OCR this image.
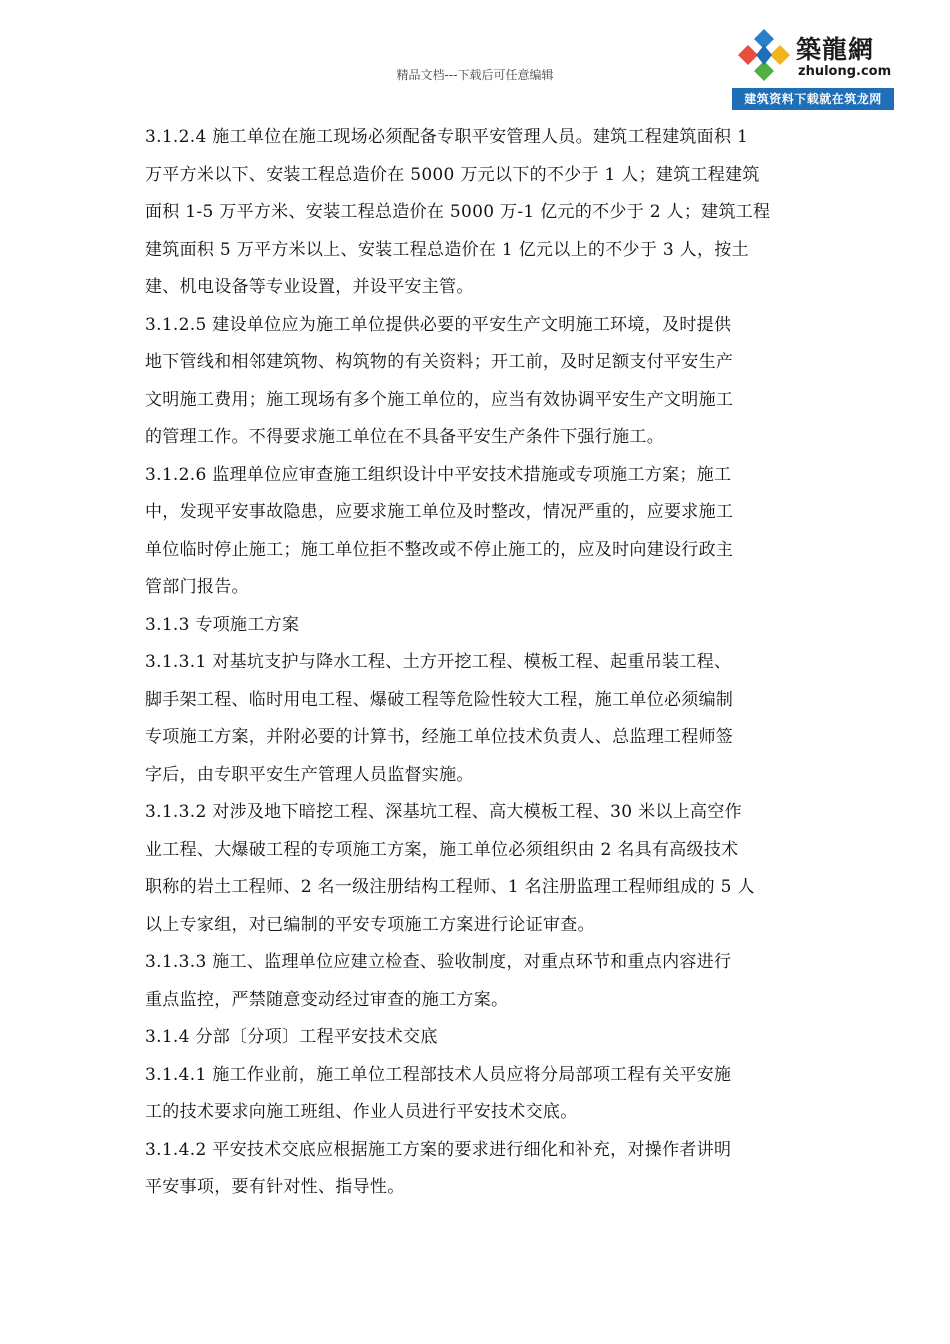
精品文档---下载后可任意编辑
築龍網
zhulong.com
建筑资料下载就在筑龙网
3.1.2.4 施工单位在施工现场必须配备专职平安管理人员。建筑工程建筑面积 1
万平方米以下、安装工程总造价在 5000 万元以下的不少于 1 人；建筑工程建筑
面积 1-5 万平方米、安装工程总造价在 5000 万-1 亿元的不少于 2 人；建筑工程
建筑面积 5 万平方米以上、安装工程总造价在 1 亿元以上的不少于 3 人，按土
建、机电设备等专业设置，并设平安主管。
3.1.2.5 建设单位应为施工单位提供必要的平安生产文明施工环境，及时提供
地下管线和相邻建筑物、构筑物的有关资料；开工前，及时足额支付平安生产
文明施工费用；施工现场有多个施工单位的，应当有效协调平安生产文明施工
的管理工作。不得要求施工单位在不具备平安生产条件下强行施工。
3.1.2.6 监理单位应审查施工组织设计中平安技术措施或专项施工方案；施工
中，发现平安事故隐患，应要求施工单位及时整改，情况严重的，应要求施工
单位临时停止施工；施工单位拒不整改或不停止施工的，应及时向建设行政主
管部门报告。
3.1.3 专项施工方案
3.1.3.1 对基坑支护与降水工程、土方开挖工程、模板工程、起重吊装工程、
脚手架工程、临时用电工程、爆破工程等危险性较大工程，施工单位必须编制
专项施工方案，并附必要的计算书，经施工单位技术负责人、总监理工程师签
字后，由专职平安生产管理人员监督实施。
3.1.3.2 对涉及地下暗挖工程、深基坑工程、高大模板工程、30 米以上高空作
业工程、大爆破工程的专项施工方案，施工单位必须组织由 2 名具有高级技术
职称的岩土工程师、2 名一级注册结构工程师、1 名注册监理工程师组成的 5 人
以上专家组，对已编制的平安专项施工方案进行论证审查。
3.1.3.3 施工、监理单位应建立检查、验收制度，对重点环节和重点内容进行
重点监控，严禁随意变动经过审查的施工方案。
3.1.4 分部〔分项〕工程平安技术交底
3.1.4.1 施工作业前，施工单位工程部技术人员应将分局部项工程有关平安施
工的技术要求向施工班组、作业人员进行平安技术交底。
3.1.4.2 平安技术交底应根据施工方案的要求进行细化和补充，对操作者讲明
平安事项，要有针对性、指导性。
